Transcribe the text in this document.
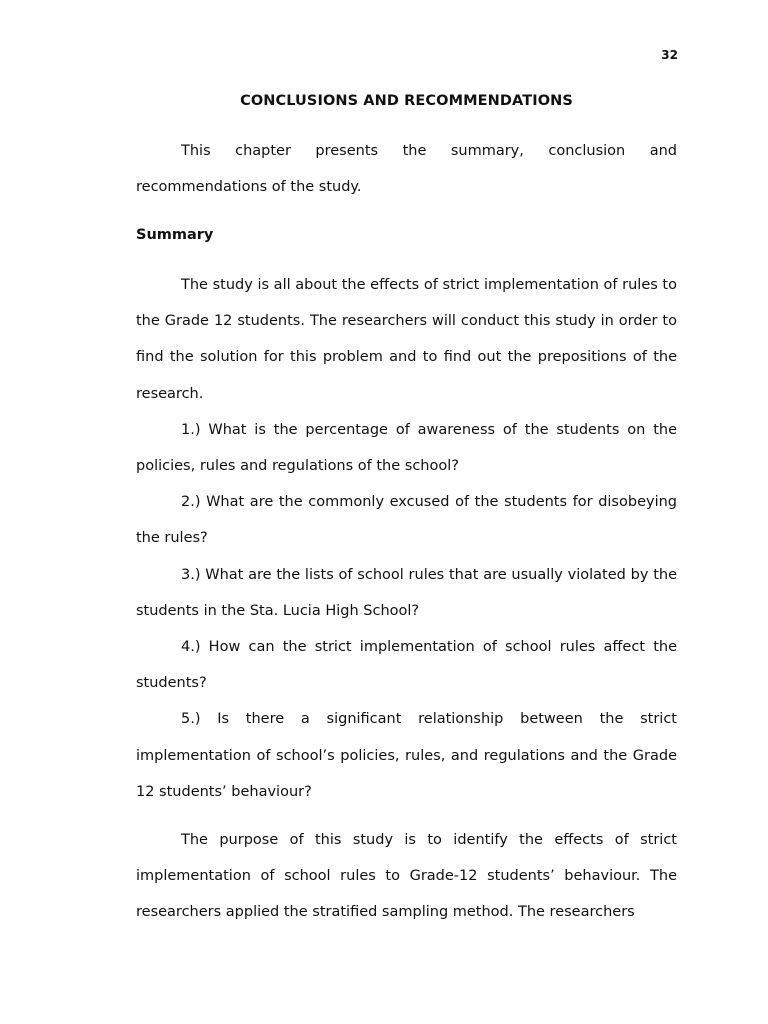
32
CONCLUSIONS AND RECOMMENDATIONS

This chapter presents the summary, conclusion and recommendations of the study.

Summary

The study is all about the effects of strict implementation of rules to the Grade 12 students. The researchers will conduct this study in order to find the solution for this problem and to find out the prepositions of the research.

1.) What is the percentage of awareness of the students on the policies, rules and regulations of the school?

2.) What are the commonly excused of the students for disobeying the rules?

3.) What are the lists of school rules that are usually violated by the students in the Sta. Lucia High School?

4.) How can the strict implementation of school rules affect the students?

5.) Is there a significant relationship between the strict implementation of school’s policies, rules, and regulations and the Grade 12 students’ behaviour?

The purpose of this study is to identify the effects of strict implementation of school rules to Grade-12 students’ behaviour. The researchers applied the stratified sampling method. The researchers
